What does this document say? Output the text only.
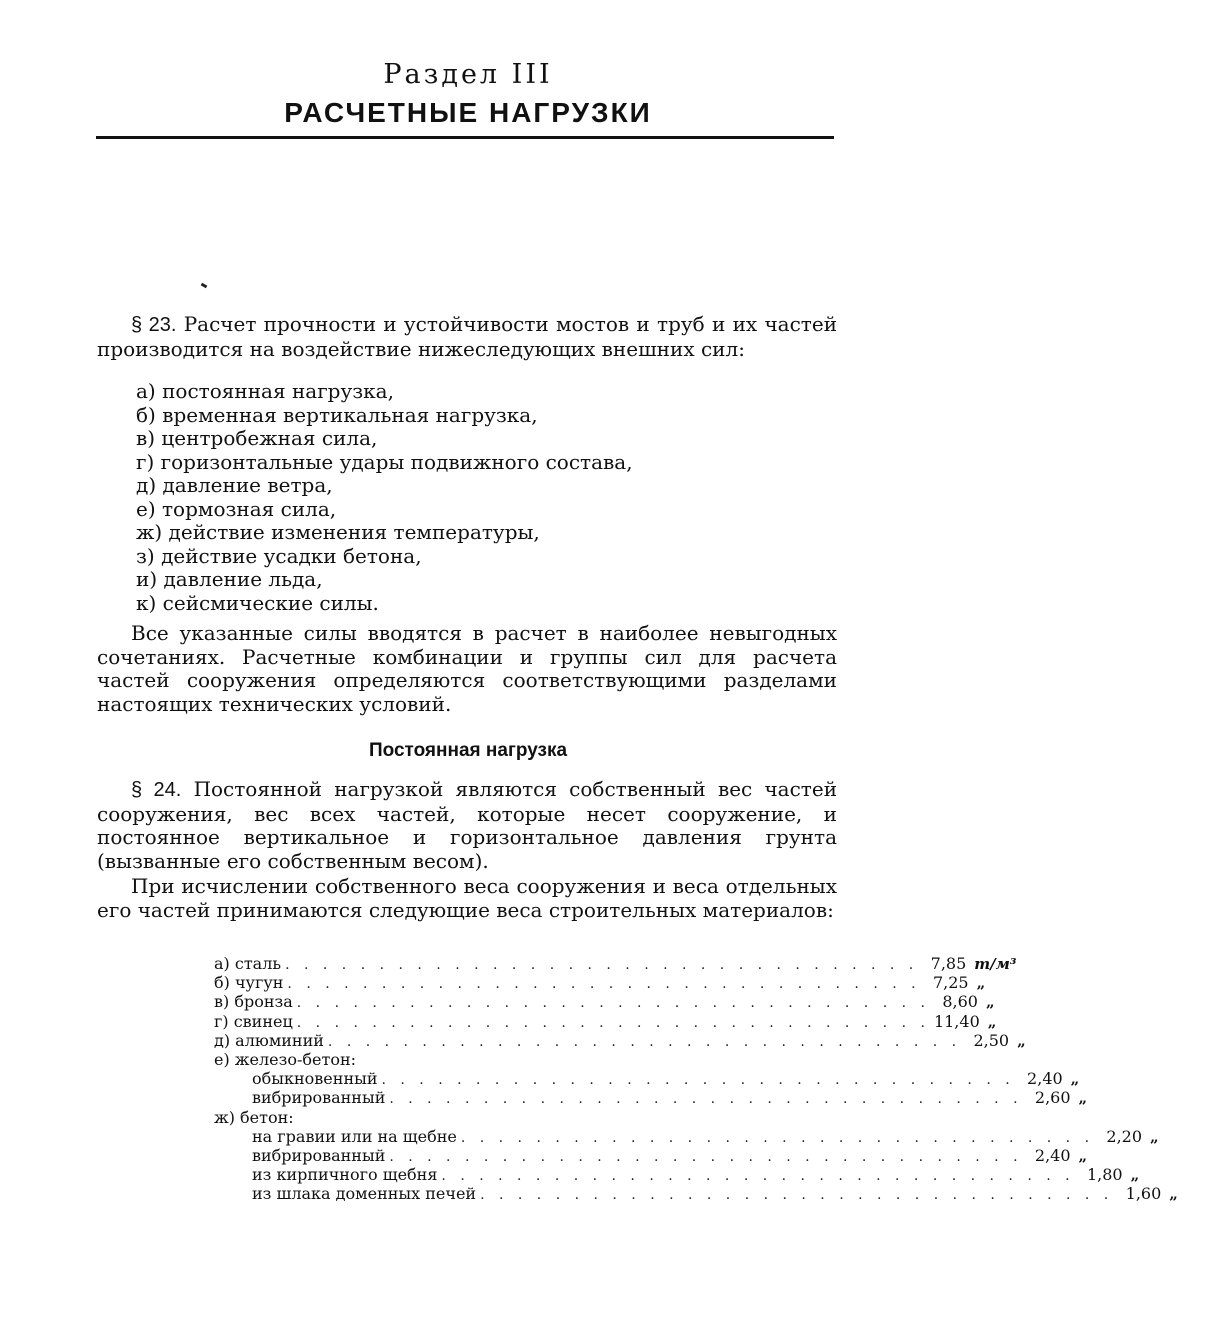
Раздел III
РАСЧЕТНЫЕ НАГРУЗКИ
§ 23. Расчет прочности и устойчивости мостов и труб и их частей производится на воздействие нижеследующих внешних сил:
а) постоянная нагрузка,
б) временная вертикальная нагрузка,
в) центробежная сила,
г) горизонтальные удары подвижного состава,
д) давление ветра,
е) тормозная сила,
ж) действие изменения температуры,
з) действие усадки бетона,
и) давление льда,
к) сейсмические силы.
Все указанные силы вводятся в расчет в наиболее невыгодных сочетаниях. Расчетные комбинации и группы сил для расчета частей сооружения определяются соответствующими разделами настоящих технических условий.
Постоянная нагрузка
§ 24. Постоянной нагрузкой являются собственный вес частей сооружения, вес всех частей, которые несет сооружение, и постоянное вертикальное и горизонтальное давления грунта (вызванные его собственным весом).
При исчислении собственного веса сооружения и веса отдельных его частей принимаются следующие веса строительных материалов:
а) сталь . . . . . . . . . . . . . . . . . . . . . . . . . . . . . . . . . . 7,85 т/м³
б) чугун . . . . . . . . . . . . . . . . . . . . . . . . . . . . . . . . . . 7,25 „
в) бронза . . . . . . . . . . . . . . . . . . . . . . . . . . . . . . . . . . 8,60 „
г) свинец . . . . . . . . . . . . . . . . . . . . . . . . . . . . . . . . . . 11,40 „
д) алюминий . . . . . . . . . . . . . . . . . . . . . . . . . . . . . . . . . . 2,50 „
е) железо-бетон:
обыкновенный . . . . . . . . . . . . . . . . . . . . . . . . . . . . . . . . . . 2,40 „
вибрированный . . . . . . . . . . . . . . . . . . . . . . . . . . . . . . . . . . 2,60 „
ж) бетон:
на гравии или на щебне . . . . . . . . . . . . . . . . . . . . . . . . . . . . . . . . . . 2,20 „
вибрированный . . . . . . . . . . . . . . . . . . . . . . . . . . . . . . . . . . 2,40 „
из кирпичного щебня . . . . . . . . . . . . . . . . . . . . . . . . . . . . . . . . . . 1,80 „
из шлака доменных печей . . . . . . . . . . . . . . . . . . . . . . . . . . . . . . . . . . 1,60 „
